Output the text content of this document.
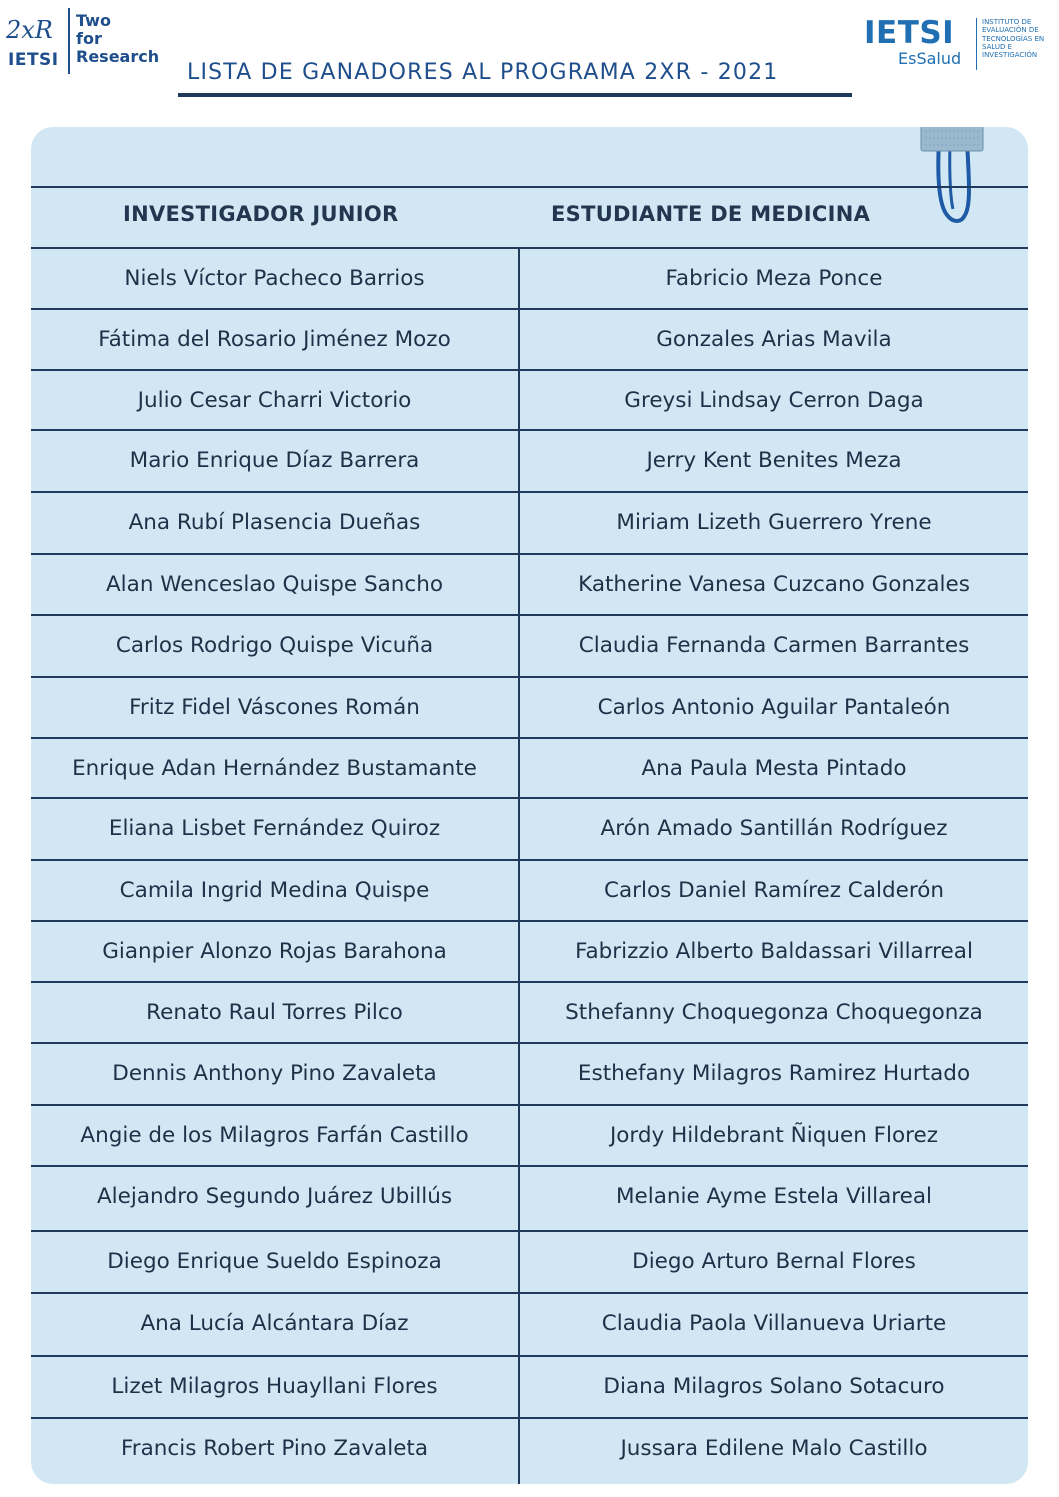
2xR
IETSI
Two
for
Research
LISTA DE GANADORES AL PROGRAMA 2XR - 2021
IETSI
EsSalud
INSTITUTO DE
EVALUACIÓN DE
TECNOLOGÍAS EN
SALUD E
INVESTIGACIÓN
INVESTIGADOR JUNIOR	ESTUDIANTE DE MEDICINA
Niels Víctor Pacheco Barrios	Fabricio Meza Ponce
Fátima del Rosario Jiménez Mozo	Gonzales Arias Mavila
Julio Cesar Charri Victorio	Greysi Lindsay Cerron Daga
Mario Enrique Díaz Barrera	Jerry Kent Benites Meza
Ana Rubí Plasencia Dueñas	Miriam Lizeth Guerrero Yrene
Alan Wenceslao Quispe Sancho	Katherine Vanesa Cuzcano Gonzales
Carlos Rodrigo Quispe Vicuña	Claudia Fernanda Carmen Barrantes
Fritz Fidel Váscones Román	Carlos Antonio Aguilar Pantaleón
Enrique Adan Hernández Bustamante	Ana Paula Mesta Pintado
Eliana Lisbet Fernández Quiroz	Arón Amado Santillán Rodríguez
Camila Ingrid Medina Quispe	Carlos Daniel Ramírez Calderón
Gianpier Alonzo Rojas Barahona	Fabrizzio Alberto Baldassari Villarreal
Renato Raul Torres Pilco	Sthefanny Choquegonza Choquegonza
Dennis Anthony Pino Zavaleta	Esthefany Milagros Ramirez Hurtado
Angie de los Milagros Farfán Castillo	Jordy Hildebrant Ñiquen Florez
Alejandro Segundo Juárez Ubillús	Melanie Ayme Estela Villareal
Diego Enrique Sueldo Espinoza	Diego Arturo Bernal Flores
Ana Lucía Alcántara Díaz	Claudia Paola Villanueva Uriarte
Lizet Milagros Huayllani Flores	Diana Milagros Solano Sotacuro
Francis Robert Pino Zavaleta	Jussara Edilene Malo Castillo
